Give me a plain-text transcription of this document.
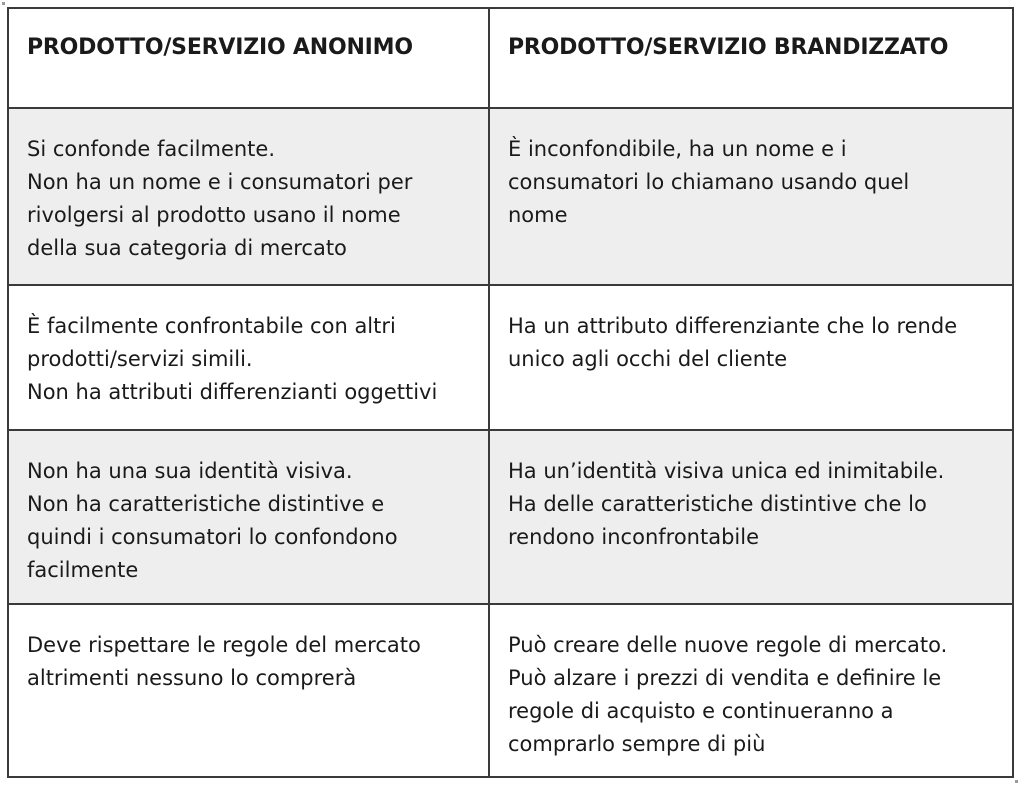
PRODOTTO/SERVIZIO ANONIMO	PRODOTTO/SERVIZIO BRANDIZZATO
Si confonde facilmente.
Non ha un nome e i consumatori per
rivolgersi al prodotto usano il nome
della sua categoria di mercato
È inconfondibile, ha un nome e i
consumatori lo chiamano usando quel
nome
È facilmente confrontabile con altri
prodotti/servizi simili.
Non ha attributi differenzianti oggettivi
Ha un attributo differenziante che lo rende
unico agli occhi del cliente
Non ha una sua identità visiva.
Non ha caratteristiche distintive e
quindi i consumatori lo confondono
facilmente
Ha un’identità visiva unica ed inimitabile.
Ha delle caratteristiche distintive che lo
rendono inconfrontabile
Deve rispettare le regole del mercato
altrimenti nessuno lo comprerà
Può creare delle nuove regole di mercato.
Può alzare i prezzi di vendita e definire le
regole di acquisto e continueranno a
comprarlo sempre di più
